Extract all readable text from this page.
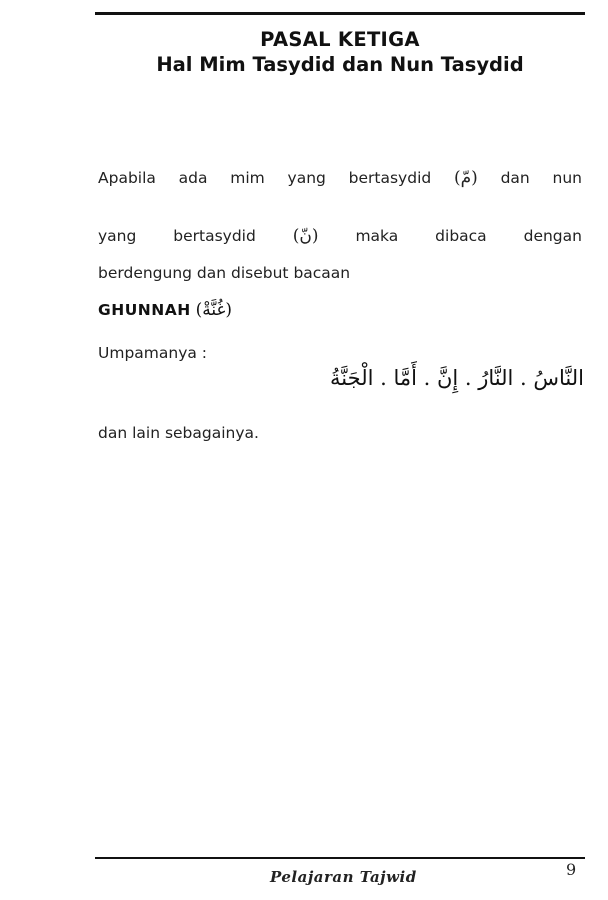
PASAL KETIGA
Hal Mim Tasydid dan Nun Tasydid
Apabila ada mim yang bertasydid (مّ) dan nun
yang bertasydid (نّ) maka dibaca dengan
berdengung dan disebut bacaan
GHUNNAH (غُنَّةْ)
Umpamanya :
النَّاسُ . النَّارُ . إِنَّ . أَمَّا . الْجَنَّةُ
dan lain sebagainya.
Pelajaran Tajwid	9
